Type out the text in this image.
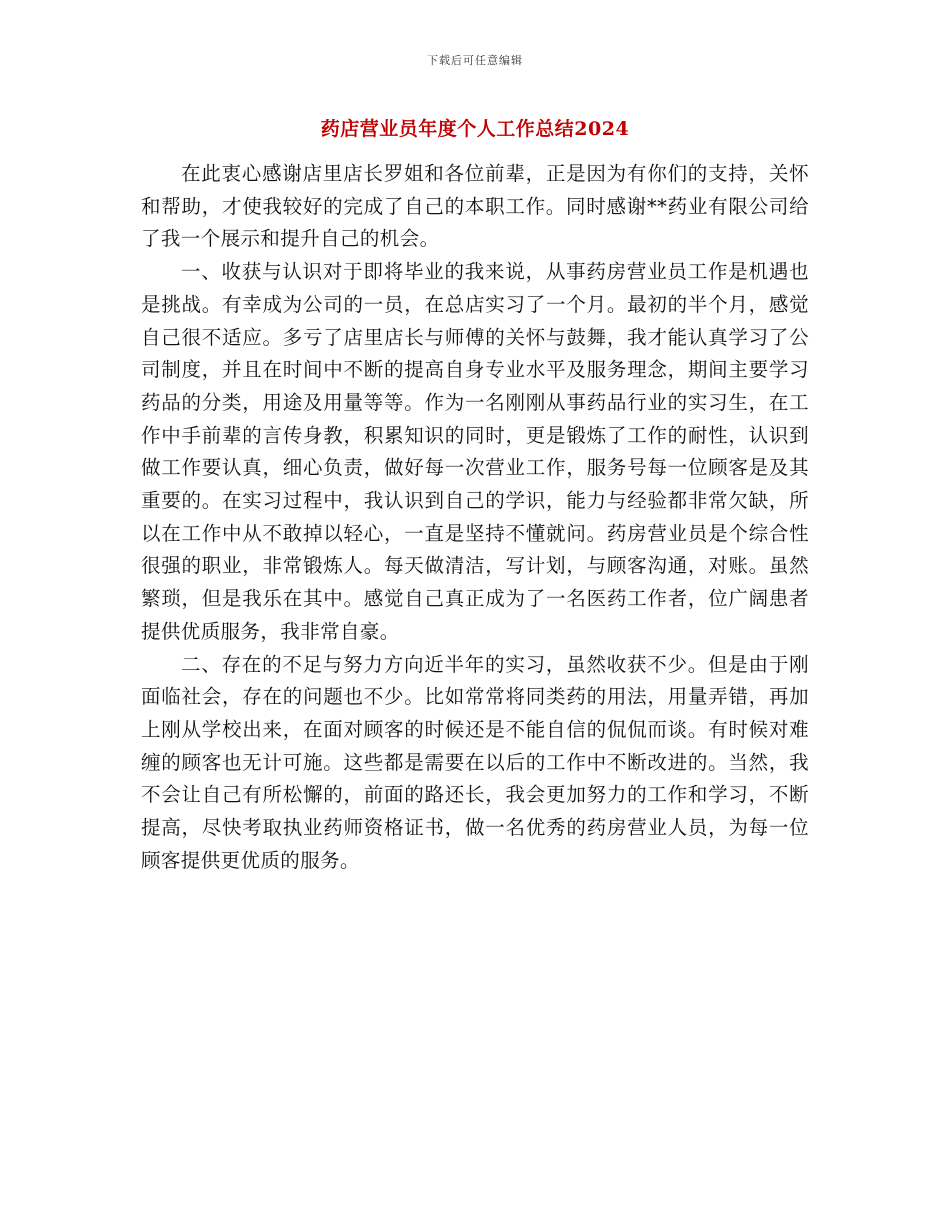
下载后可任意编辑
药店营业员年度个人工作总结2024

在此衷心感谢店里店长罗姐和各位前辈，正是因为有你们的支持，关怀和帮助，才使我较好的完成了自己的本职工作。同时感谢**药业有限公司给了我一个展示和提升自己的机会。

一、收获与认识对于即将毕业的我来说，从事药房营业员工作是机遇也是挑战。有幸成为公司的一员，在总店实习了一个月。最初的半个月，感觉自己很不适应。多亏了店里店长与师傅的关怀与鼓舞，我才能认真学习了公司制度，并且在时间中不断的提高自身专业水平及服务理念，期间主要学习药品的分类，用途及用量等等。作为一名刚刚从事药品行业的实习生，在工作中手前辈的言传身教，积累知识的同时，更是锻炼了工作的耐性，认识到做工作要认真，细心负责，做好每一次营业工作，服务号每一位顾客是及其重要的。在实习过程中，我认识到自己的学识，能力与经验都非常欠缺，所以在工作中从不敢掉以轻心，一直是坚持不懂就问。药房营业员是个综合性很强的职业，非常锻炼人。每天做清洁，写计划，与顾客沟通，对账。虽然繁琐，但是我乐在其中。感觉自己真正成为了一名医药工作者，位广阔患者提供优质服务，我非常自豪。

二、存在的不足与努力方向近半年的实习，虽然收获不少。但是由于刚面临社会，存在的问题也不少。比如常常将同类药的用法，用量弄错，再加上刚从学校出来，在面对顾客的时候还是不能自信的侃侃而谈。有时候对难缠的顾客也无计可施。这些都是需要在以后的工作中不断改进的。当然，我不会让自己有所松懈的，前面的路还长，我会更加努力的工作和学习，不断提高，尽快考取执业药师资格证书，做一名优秀的药房营业人员，为每一位顾客提供更优质的服务。
